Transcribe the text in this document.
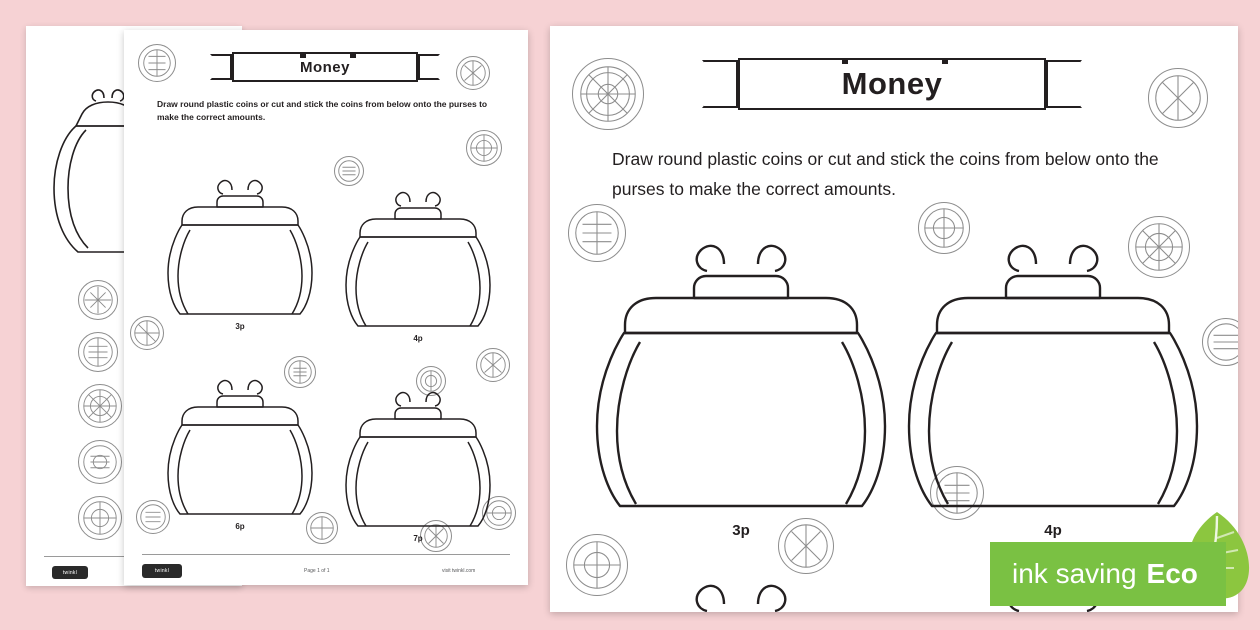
twinkl
Money
Draw round plastic coins or cut and stick the coins from below onto the purses to make the correct amounts.
3p
4p
6p
7p
twinkl	Page 1 of 1	visit twinkl.com
Money
Draw round plastic coins or cut and stick the coins from below onto the purses to make the correct amounts.
3p	4p
ink saving Eco
